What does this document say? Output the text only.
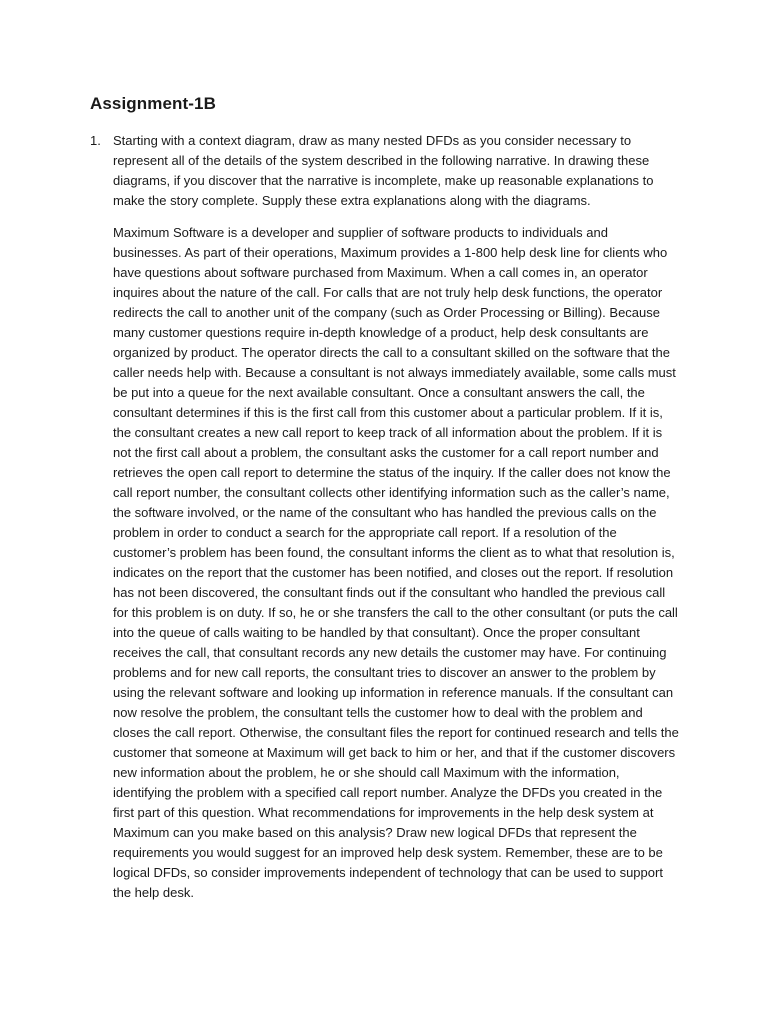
Assignment-1B
1. Starting with a context diagram, draw as many nested DFDs as you consider necessary to represent all of the details of the system described in the following narrative. In drawing these diagrams, if you discover that the narrative is incomplete, make up reasonable explanations to make the story complete. Supply these extra explanations along with the diagrams.

Maximum Software is a developer and supplier of software products to individuals and businesses. As part of their operations, Maximum provides a 1-800 help desk line for clients who have questions about software purchased from Maximum. When a call comes in, an operator inquires about the nature of the call. For calls that are not truly help desk functions, the operator redirects the call to another unit of the company (such as Order Processing or Billing). Because many customer questions require in-depth knowledge of a product, help desk consultants are organized by product. The operator directs the call to a consultant skilled on the software that the caller needs help with. Because a consultant is not always immediately available, some calls must be put into a queue for the next available consultant. Once a consultant answers the call, the consultant determines if this is the first call from this customer about a particular problem. If it is, the consultant creates a new call report to keep track of all information about the problem. If it is not the first call about a problem, the consultant asks the customer for a call report number and retrieves the open call report to determine the status of the inquiry. If the caller does not know the call report number, the consultant collects other identifying information such as the caller’s name, the software involved, or the name of the consultant who has handled the previous calls on the problem in order to conduct a search for the appropriate call report. If a resolution of the customer’s problem has been found, the consultant informs the client as to what that resolution is, indicates on the report that the customer has been notified, and closes out the report. If resolution has not been discovered, the consultant finds out if the consultant who handled the previous call for this problem is on duty. If so, he or she transfers the call to the other consultant (or puts the call into the queue of calls waiting to be handled by that consultant). Once the proper consultant receives the call, that consultant records any new details the customer may have. For continuing problems and for new call reports, the consultant tries to discover an answer to the problem by using the relevant software and looking up information in reference manuals. If the consultant can now resolve the problem, the consultant tells the customer how to deal with the problem and closes the call report. Otherwise, the consultant files the report for continued research and tells the customer that someone at Maximum will get back to him or her, and that if the customer discovers new information about the problem, he or she should call Maximum with the information, identifying the problem with a specified call report number. Analyze the DFDs you created in the first part of this question. What recommendations for improvements in the help desk system at Maximum can you make based on this analysis? Draw new logical DFDs that represent the requirements you would suggest for an improved help desk system. Remember, these are to be logical DFDs, so consider improvements independent of technology that can be used to support the help desk.
